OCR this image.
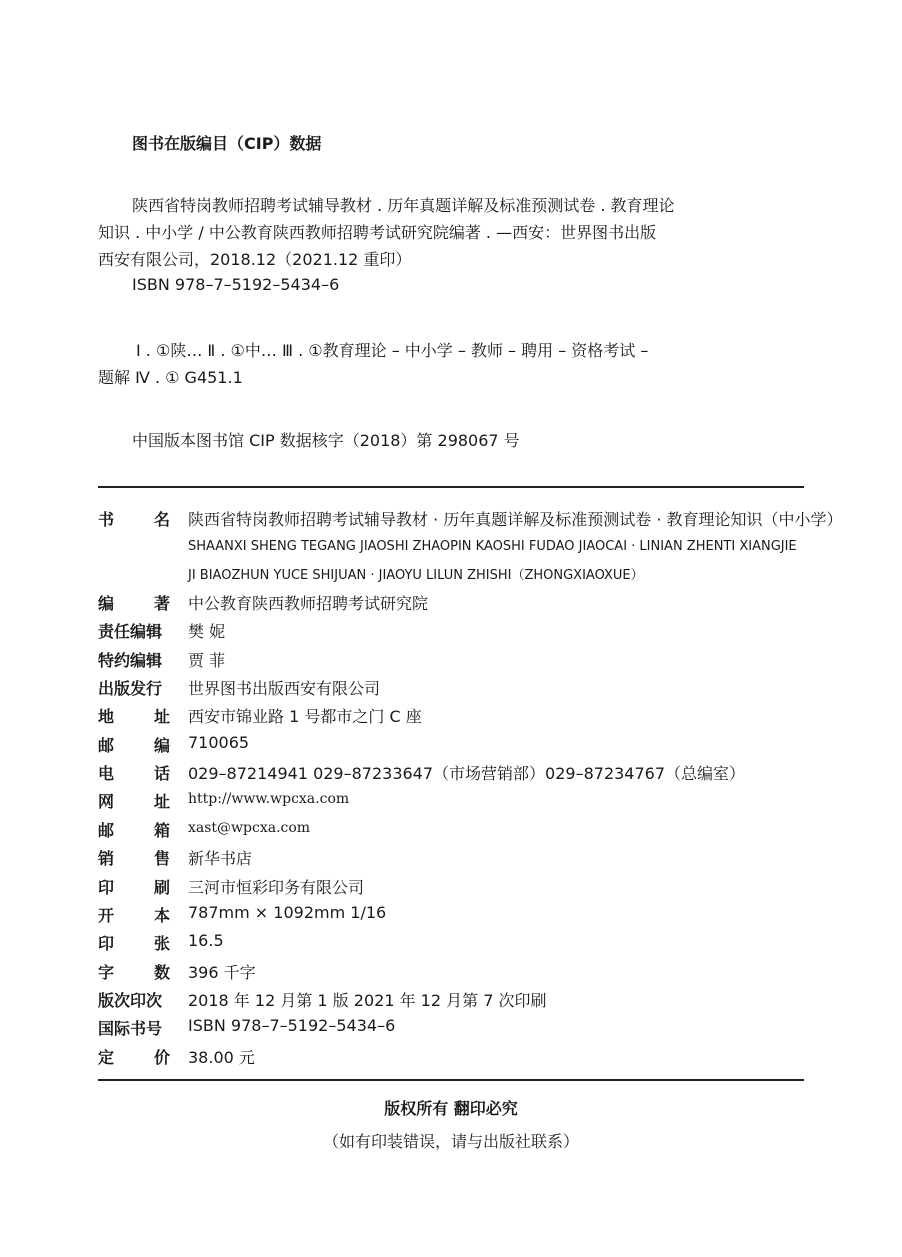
图书在版编目（CIP）数据
陕西省特岗教师招聘考试辅导教材 . 历年真题详解及标准预测试卷 . 教育理论
知识 . 中小学 / 中公教育陕西教师招聘考试研究院编著 . —西安：世界图书出版
西安有限公司，2018.12（2021.12 重印）
ISBN 978–7–5192–5434–6
Ⅰ . ①陕… Ⅱ . ①中… Ⅲ . ①教育理论 – 中小学 – 教师 – 聘用 – 资格考试 –
题解 Ⅳ . ① G451.1
中国版本图书馆 CIP 数据核字（2018）第 298067 号
书 名 陕西省特岗教师招聘考试辅导教材 · 历年真题详解及标准预测试卷 · 教育理论知识（中小学）
SHAANXI SHENG TEGANG JIAOSHI ZHAOPIN KAOSHI FUDAO JIAOCAI · LINIAN ZHENTI XIANGJIE
JI BIAOZHUN YUCE SHIJUAN · JIAOYU LILUN ZHISHI（ZHONGXIAOXUE）
编 著 中公教育陕西教师招聘考试研究院
责任编辑 樊 妮
特约编辑 贾 菲
出版发行 世界图书出版西安有限公司
地 址 西安市锦业路 1 号都市之门 C 座
邮 编 710065
电 话 029–87214941 029–87233647（市场营销部）029–87234767（总编室）
网 址 http://www.wpcxa.com
邮 箱 xast@wpcxa.com
销 售 新华书店
印 刷 三河市恒彩印务有限公司
开 本 787mm × 1092mm 1/16
印 张 16.5
字 数 396 千字
版次印次 2018 年 12 月第 1 版 2021 年 12 月第 7 次印刷
国际书号 ISBN 978–7–5192–5434–6
定 价 38.00 元
版权所有 翻印必究
（如有印装错误，请与出版社联系）
